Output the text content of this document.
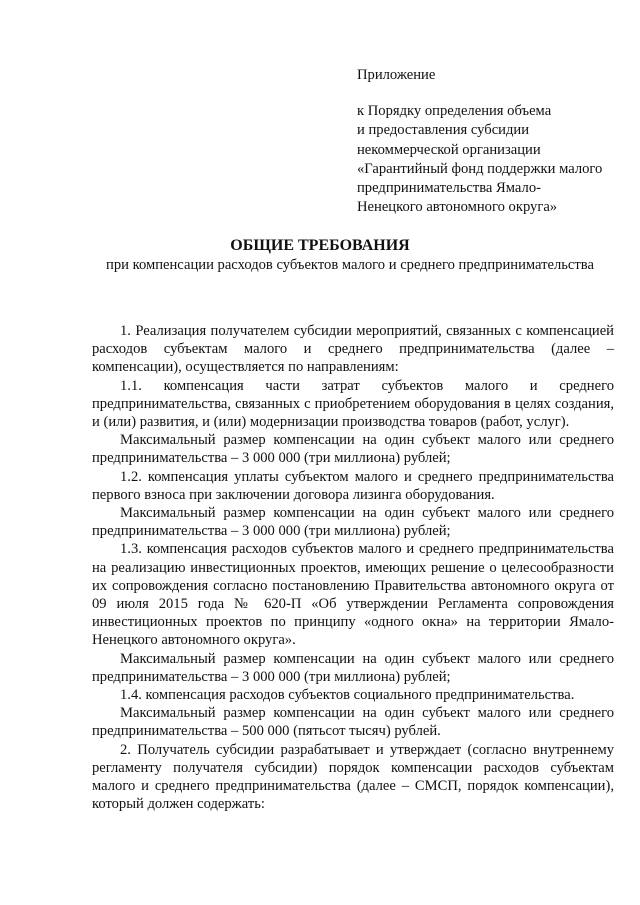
Приложение
к Порядку определения объема
и предоставления субсидии
некоммерческой организации
«Гарантийный фонд поддержки малого
предпринимательства Ямало-
Ненецкого автономного округа»
ОБЩИЕ ТРЕБОВАНИЯ
при компенсации расходов субъектов малого и среднего предпринимательства

1. Реализация получателем субсидии мероприятий, связанных с компенсацией расходов субъектам малого и среднего предпринимательства (далее – компенсации), осуществляется по направлениям:

1.1. компенсация части затрат субъектов малого и среднего предпринимательства, связанных с приобретением оборудования в целях создания, и (или) развития, и (или) модернизации производства товаров (работ, услуг).

Максимальный размер компенсации на один субъект малого или среднего предпринимательства – 3 000 000 (три миллиона) рублей;

1.2. компенсация уплаты субъектом малого и среднего предпринимательства первого взноса при заключении договора лизинга оборудования.

Максимальный размер компенсации на один субъект малого или среднего предпринимательства – 3 000 000 (три миллиона) рублей;

1.3. компенсация расходов субъектов малого и среднего предпринимательства на реализацию инвестиционных проектов, имеющих решение о целесообразности их сопровождения согласно постановлению Правительства автономного округа от 09 июля 2015 года № 620-П «Об утверждении Регламента сопровождения инвестиционных проектов по принципу «одного окна» на территории Ямало-Ненецкого автономного округа».

Максимальный размер компенсации на один субъект малого или среднего предпринимательства – 3 000 000 (три миллиона) рублей;

1.4. компенсация расходов субъектов социального предпринимательства.

Максимальный размер компенсации на один субъект малого или среднего предпринимательства – 500 000 (пятьсот тысяч) рублей.

2. Получатель субсидии разрабатывает и утверждает (согласно внутреннему регламенту получателя субсидии) порядок компенсации расходов субъектам малого и среднего предпринимательства (далее – СМСП, порядок компенсации), который должен содержать:
